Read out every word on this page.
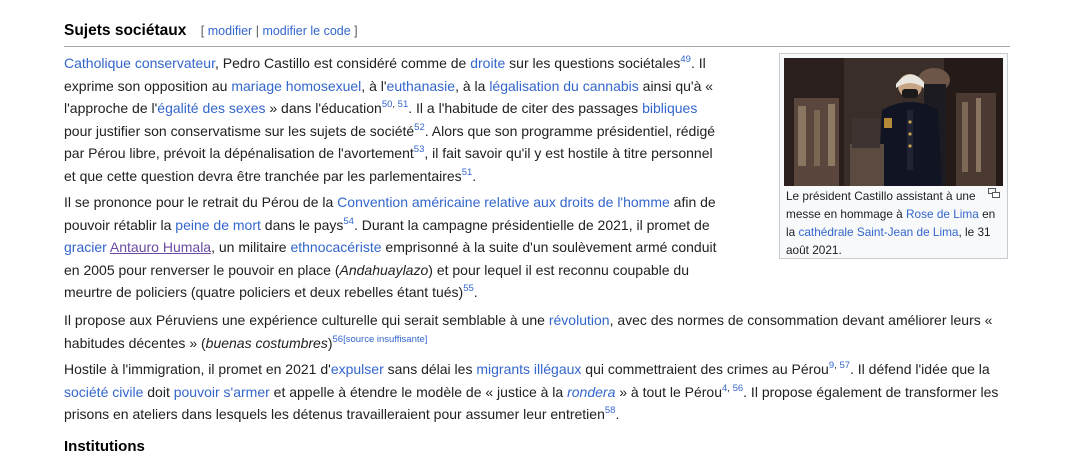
Sujets sociétaux [ modifier | modifier le code ]

Catholique conservateur, Pedro Castillo est considéré comme de droite sur les questions sociétales$^{49}$. Il exprime son opposition au mariage homosexuel, à l'euthanasie, à la légalisation du cannabis ainsi qu'à « l'approche de l'égalité des sexes » dans l'éducation$^{50, 51}$. Il a l'habitude de citer des passages bibliques pour justifier son conservatisme sur les sujets de société$^{52}$. Alors que son programme présidentiel, rédigé par Pérou libre, prévoit la dépénalisation de l'avortement$^{53}$, il fait savoir qu'il y est hostile à titre personnel et que cette question devra être tranchée par les parlementaires$^{51}$.

Il se prononce pour le retrait du Pérou de la Convention américaine relative aux droits de l'homme afin de pouvoir rétablir la peine de mort dans le pays$^{54}$. Durant la campagne présidentielle de 2021, il promet de gracier Antauro Humala, un militaire ethnocacériste emprisonné à la suite d'un soulèvement armé conduit en 2005 pour renverser le pouvoir en place (Andahuaylazo) et pour lequel il est reconnu coupable du meurtre de policiers (quatre policiers et deux rebelles étant tués)$^{55}$.

Il propose aux Péruviens une expérience culturelle qui serait semblable à une révolution, avec des normes de consommation devant améliorer leurs « habitudes décentes » (buenas costumbres)$^{56[source insuffisante]}$

Hostile à l'immigration, il promet en 2021 d'expulser sans délai les migrants illégaux qui commettraient des crimes au Pérou$^{9, 57}$. Il défend l'idée que la société civile doit pouvoir s'armer et appelle à étendre le modèle de « justice à la rondera » à tout le Pérou$^{4, 56}$. Il propose également de transformer les prisons en ateliers dans lesquels les détenus travailleraient pour assumer leur entretien$^{58}$.

Le président Castillo assistant à une messe en hommage à Rose de Lima en la cathédrale Saint-Jean de Lima, le 31 août 2021.
Institutions
